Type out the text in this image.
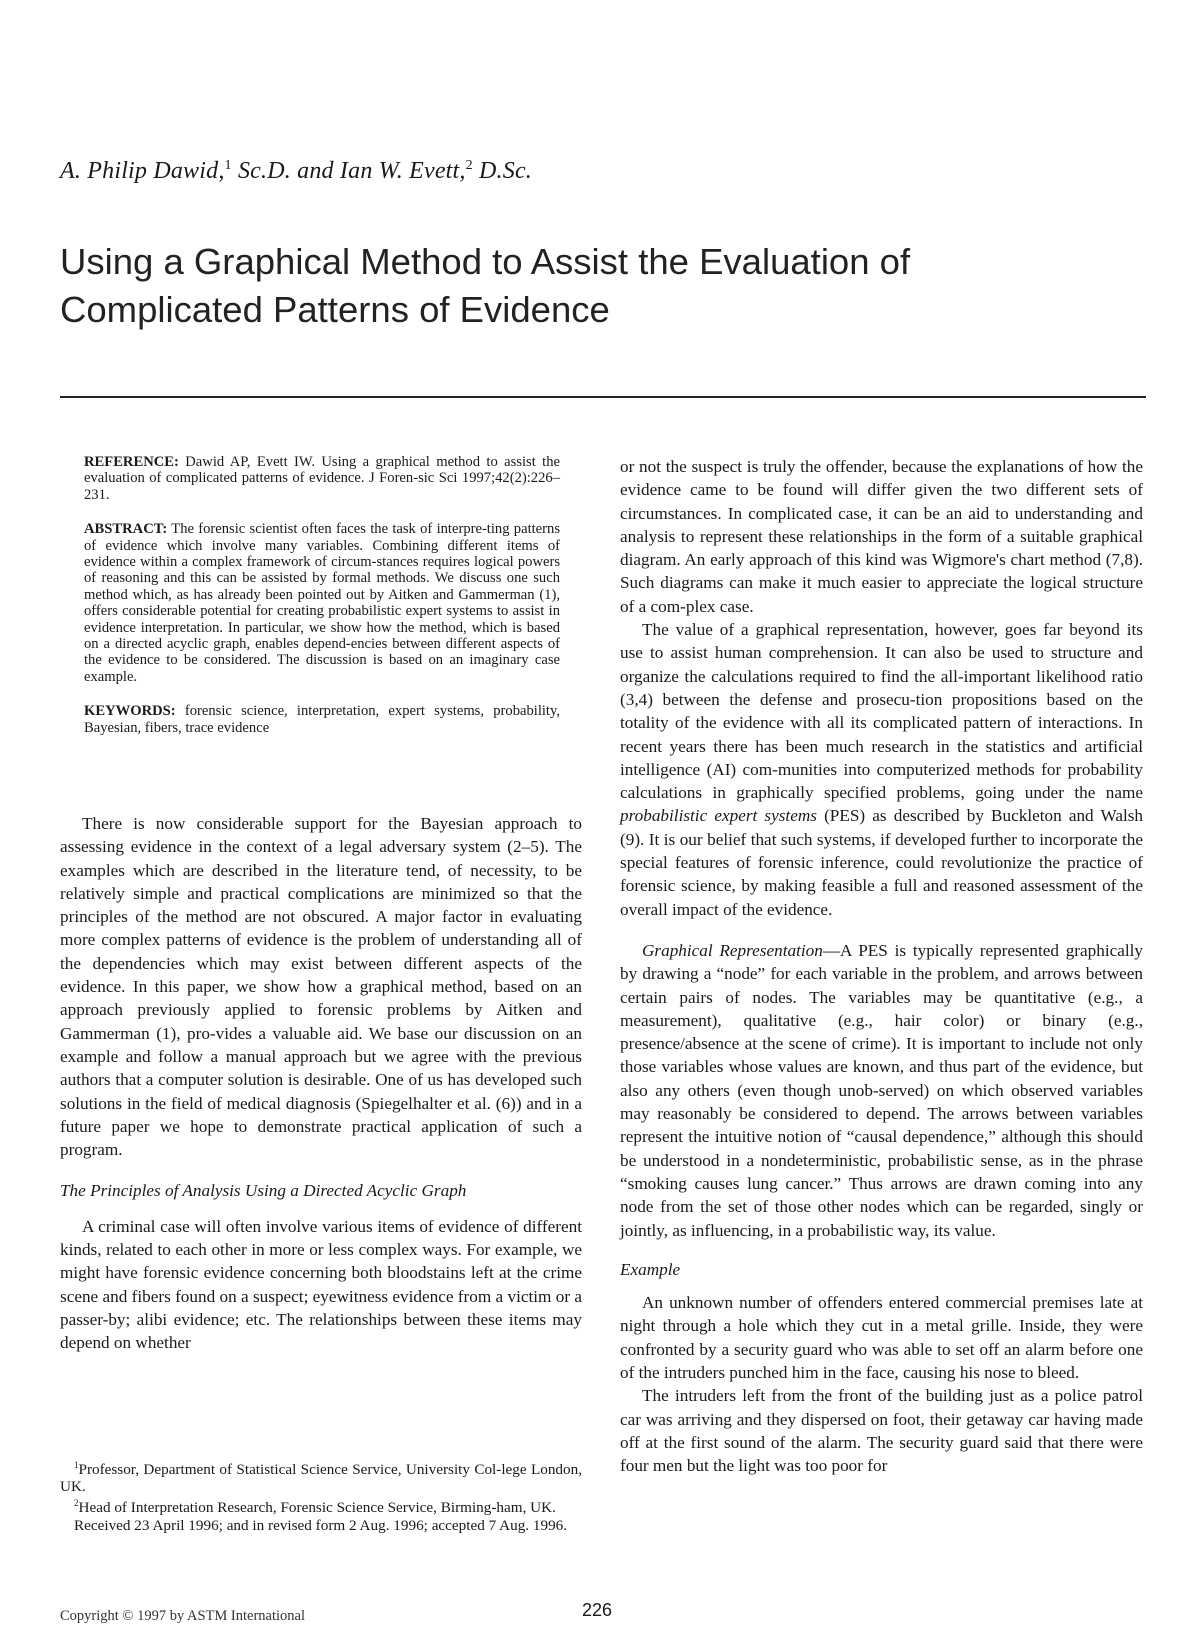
A. Philip Dawid,$^1$ Sc.D. and Ian W. Evett,$^2$ D.Sc.
Using a Graphical Method to Assist the Evaluation of
Complicated Patterns of Evidence

REFERENCE: Dawid AP, Evett IW. Using a graphical method to assist the evaluation of complicated patterns of evidence. J Foren-sic Sci 1997;42(2):226–231.

ABSTRACT: The forensic scientist often faces the task of interpre-ting patterns of evidence which involve many variables. Combining different items of evidence within a complex framework of circum-stances requires logical powers of reasoning and this can be assisted by formal methods. We discuss one such method which, as has already been pointed out by Aitken and Gammerman (1), offers considerable potential for creating probabilistic expert systems to assist in evidence interpretation. In particular, we show how the method, which is based on a directed acyclic graph, enables depend-encies between different aspects of the evidence to be considered. The discussion is based on an imaginary case example.

KEYWORDS: forensic science, interpretation, expert systems, probability, Bayesian, fibers, trace evidence

There is now considerable support for the Bayesian approach to assessing evidence in the context of a legal adversary system (2–5). The examples which are described in the literature tend, of necessity, to be relatively simple and practical complications are minimized so that the principles of the method are not obscured. A major factor in evaluating more complex patterns of evidence is the problem of understanding all of the dependencies which may exist between different aspects of the evidence. In this paper, we show how a graphical method, based on an approach previously applied to forensic problems by Aitken and Gammerman (1), pro-vides a valuable aid. We base our discussion on an example and follow a manual approach but we agree with the previous authors that a computer solution is desirable. One of us has developed such solutions in the field of medical diagnosis (Spiegelhalter et al. (6)) and in a future paper we hope to demonstrate practical application of such a program.

The Principles of Analysis Using a Directed Acyclic Graph

A criminal case will often involve various items of evidence of different kinds, related to each other in more or less complex ways. For example, we might have forensic evidence concerning both bloodstains left at the crime scene and fibers found on a suspect; eyewitness evidence from a victim or a passer-by; alibi evidence; etc. The relationships between these items may depend on whether

$^1$Professor, Department of Statistical Science Service, University Col-lege London, UK.

$^2$Head of Interpretation Research, Forensic Science Service, Birming-ham, UK.

Received 23 April 1996; and in revised form 2 Aug. 1996; accepted 7 Aug. 1996.

or not the suspect is truly the offender, because the explanations of how the evidence came to be found will differ given the two different sets of circumstances. In complicated case, it can be an aid to understanding and analysis to represent these relationships in the form of a suitable graphical diagram. An early approach of this kind was Wigmore's chart method (7,8). Such diagrams can make it much easier to appreciate the logical structure of a com-plex case.

The value of a graphical representation, however, goes far beyond its use to assist human comprehension. It can also be used to structure and organize the calculations required to find the all-important likelihood ratio (3,4) between the defense and prosecu-tion propositions based on the totality of the evidence with all its complicated pattern of interactions. In recent years there has been much research in the statistics and artificial intelligence (AI) com-munities into computerized methods for probability calculations in graphically specified problems, going under the name probabilistic expert systems (PES) as described by Buckleton and Walsh (9). It is our belief that such systems, if developed further to incorporate the special features of forensic inference, could revolutionize the practice of forensic science, by making feasible a full and reasoned assessment of the overall impact of the evidence.

Graphical Representation—A PES is typically represented graphically by drawing a “node” for each variable in the problem, and arrows between certain pairs of nodes. The variables may be quantitative (e.g., a measurement), qualitative (e.g., hair color) or binary (e.g., presence/absence at the scene of crime). It is important to include not only those variables whose values are known, and thus part of the evidence, but also any others (even though unob-served) on which observed variables may reasonably be considered to depend. The arrows between variables represent the intuitive notion of “causal dependence,” although this should be understood in a nondeterministic, probabilistic sense, as in the phrase “smoking causes lung cancer.” Thus arrows are drawn coming into any node from the set of those other nodes which can be regarded, singly or jointly, as influencing, in a probabilistic way, its value.

Example

An unknown number of offenders entered commercial premises late at night through a hole which they cut in a metal grille. Inside, they were confronted by a security guard who was able to set off an alarm before one of the intruders punched him in the face, causing his nose to bleed.

The intruders left from the front of the building just as a police patrol car was arriving and they dispersed on foot, their getaway car having made off at the first sound of the alarm. The security guard said that there were four men but the light was too poor for

Copyright © 1997 by ASTM International	226
